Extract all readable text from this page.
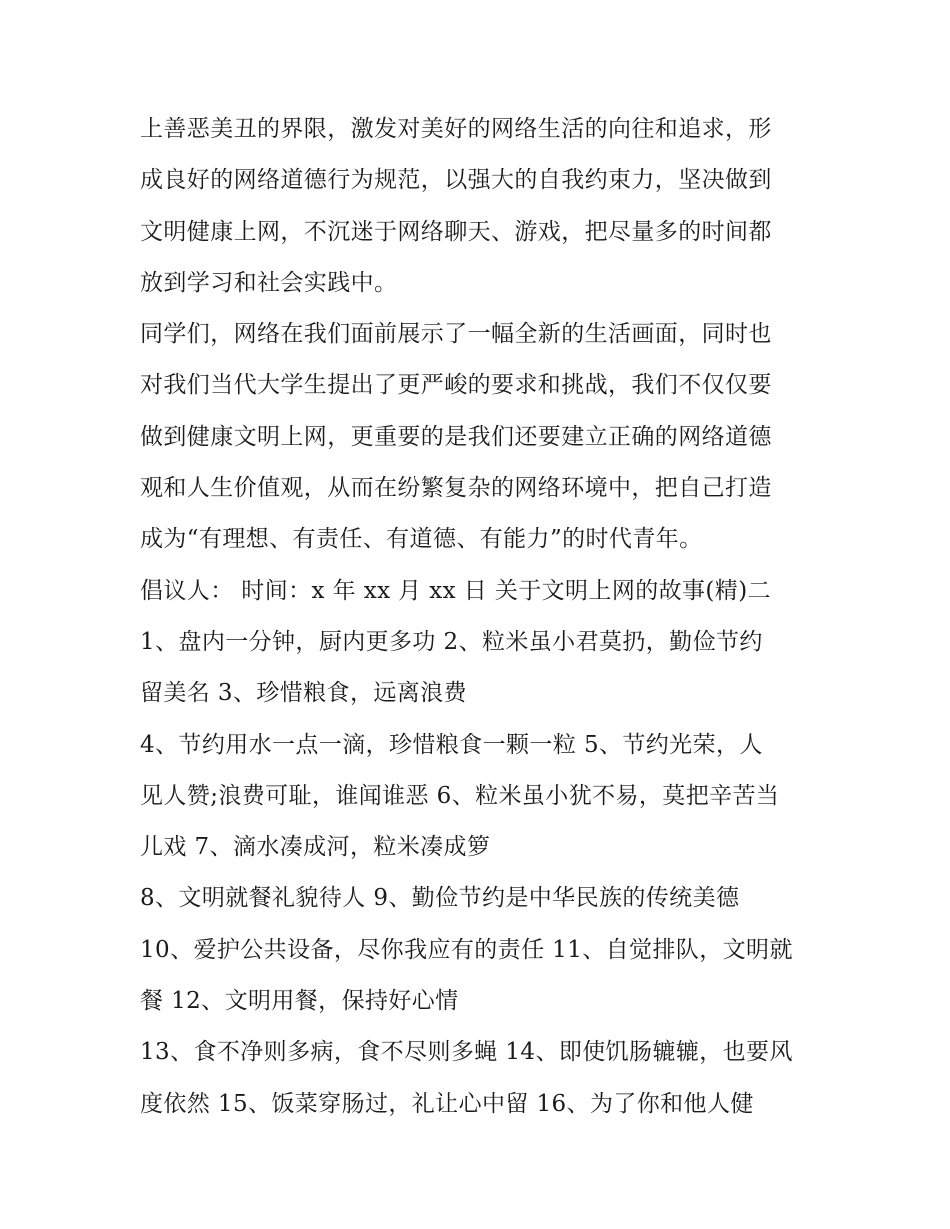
上善恶美丑的界限，激发对美好的网络生活的向往和追求，形
成良好的网络道德行为规范，以强大的自我约束力，坚决做到
文明健康上网，不沉迷于网络聊天、游戏，把尽量多的时间都
放到学习和社会实践中。
同学们，网络在我们面前展示了一幅全新的生活画面，同时也
对我们当代大学生提出了更严峻的要求和挑战，我们不仅仅要
做到健康文明上网，更重要的是我们还要建立正确的网络道德
观和人生价值观，从而在纷繁复杂的网络环境中，把自己打造
成为“有理想、有责任、有道德、有能力”的时代青年。
倡议人： 时间：x 年 xx 月 xx 日 关于文明上网的故事(精)二
1、盘内一分钟，厨内更多功 2、粒米虽小君莫扔，勤俭节约
留美名 3、珍惜粮食，远离浪费
4、节约用水一点一滴，珍惜粮食一颗一粒 5、节约光荣，人
见人赞;浪费可耻，谁闻谁恶 6、粒米虽小犹不易，莫把辛苦当
儿戏 7、滴水凑成河，粒米凑成箩
8、文明就餐礼貌待人 9、勤俭节约是中华民族的传统美德
10、爱护公共设备，尽你我应有的责任 11、自觉排队，文明就
餐 12、文明用餐，保持好心情
13、食不净则多病，食不尽则多蝇 14、即使饥肠辘辘，也要风
度依然 15、饭菜穿肠过，礼让心中留 16、为了你和他人健
